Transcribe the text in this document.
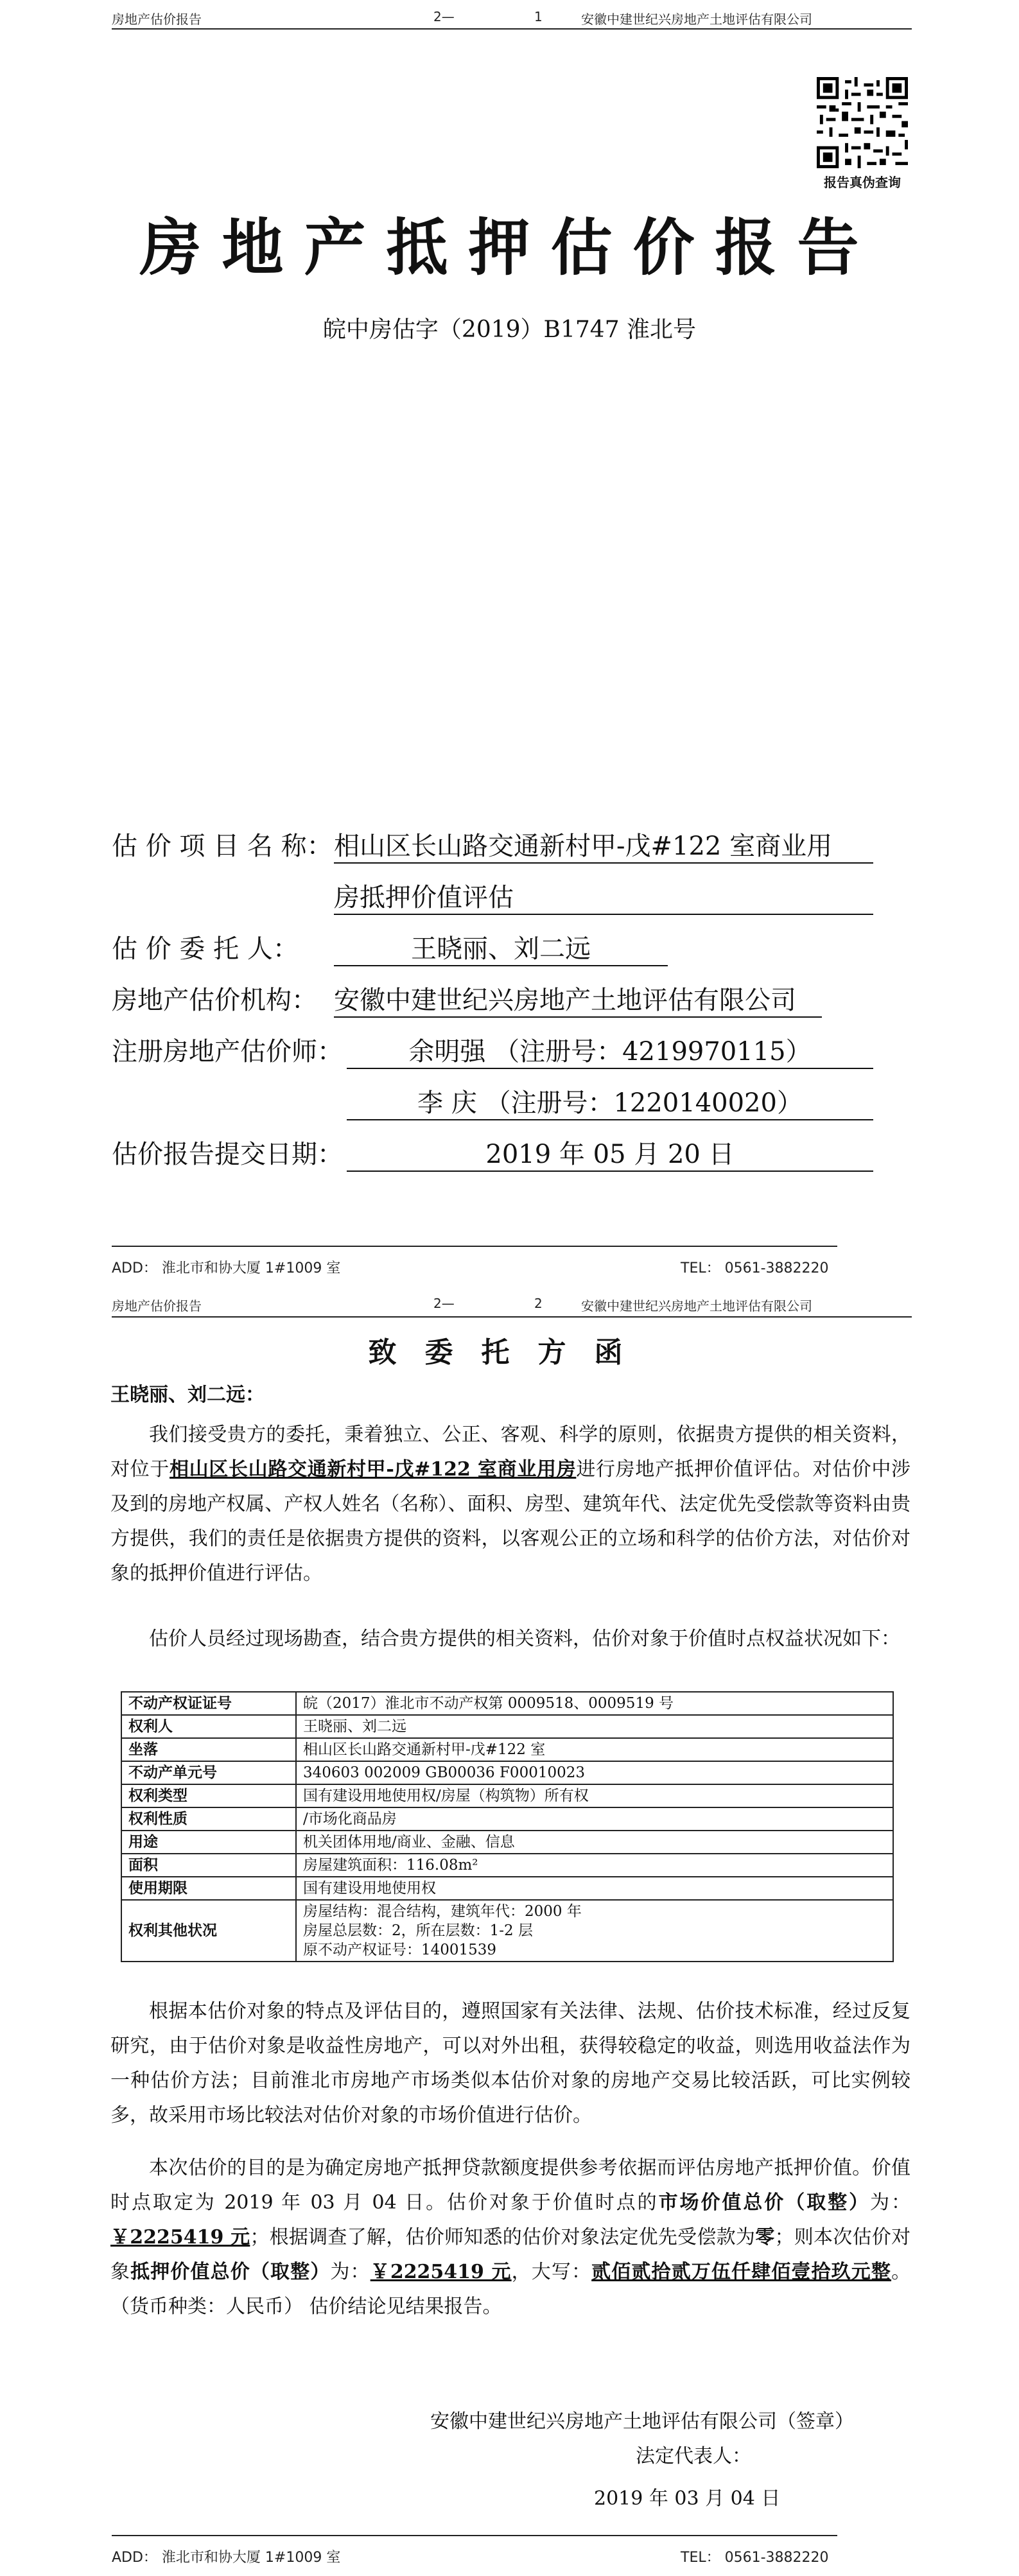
房地产估价报告	2—	1	安徽中建世纪兴房地产土地评估有限公司
报告真伪查询
房地产抵押估价报告
皖中房估字（2019）B1747 淮北号
估 价 项 目 名 称： 相山区长山路交通新村甲-戊#122 室商业用
房抵押价值评估
估 价 委 托 人：	王晓丽、刘二远
房地产估价机构： 安徽中建世纪兴房地产土地评估有限公司
注册房地产估价师：	余明强 （注册号：4219970115）
李 庆 （注册号：1220140020）
估价报告提交日期：	2019 年 05 月 20 日
ADD： 淮北市和协大厦 1#1009 室	TEL： 0561-3882220
房地产估价报告	2—	2	安徽中建世纪兴房地产土地评估有限公司
致委托方函
王晓丽、刘二远：
我们接受贵方的委托，秉着独立、公正、客观、科学的原则，依据贵方提供的相关资料，对位于相山区长山路交通新村甲-戊#122 室商业用房进行房地产抵押价值评估。对估价中涉及到的房地产权属、产权人姓名（名称）、面积、房型、建筑年代、法定优先受偿款等资料由贵方提供，我们的责任是依据贵方提供的资料，以客观公正的立场和科学的估价方法，对估价对象的抵押价值进行评估。
估价人员经过现场勘查，结合贵方提供的相关资料，估价对象于价值时点权益状况如下：
不动产权证证号	皖（2017）淮北市不动产权第 0009518、0009519 号
权利人	王晓丽、刘二远
坐落	相山区长山路交通新村甲-戊#122 室
不动产单元号	340603 002009 GB00036 F00010023
权利类型	国有建设用地使用权/房屋（构筑物）所有权
权利性质	/市场化商品房
用途	机关团体用地/商业、金融、信息
面积	房屋建筑面积：116.08m²
使用期限	国有建设用地使用权
权利其他状况	房屋结构：混合结构，建筑年代：2000 年
房屋总层数：2，所在层数：1-2 层
原不动产权证号：14001539
根据本估价对象的特点及评估目的，遵照国家有关法律、法规、估价技术标准，经过反复研究，由于估价对象是收益性房地产，可以对外出租，获得较稳定的收益，则选用收益法作为一种估价方法；目前淮北市房地产市场类似本估价对象的房地产交易比较活跃，可比实例较多，故采用市场比较法对估价对象的市场价值进行估价。
本次估价的目的是为确定房地产抵押贷款额度提供参考依据而评估房地产抵押价值。价值时点取定为 2019 年 03 月 04 日。估价对象于价值时点的市场价值总价（取整）为：￥2225419 元；根据调查了解，估价师知悉的估价对象法定优先受偿款为零；则本次估价对象抵押价值总价（取整）为：￥2225419 元，大写：贰佰贰拾贰万伍仟肆佰壹拾玖元整。（货币种类：人民币） 估价结论见结果报告。
安徽中建世纪兴房地产土地评估有限公司（签章）
法定代表人：
2019 年 03 月 04 日
ADD： 淮北市和协大厦 1#1009 室	TEL： 0561-3882220
